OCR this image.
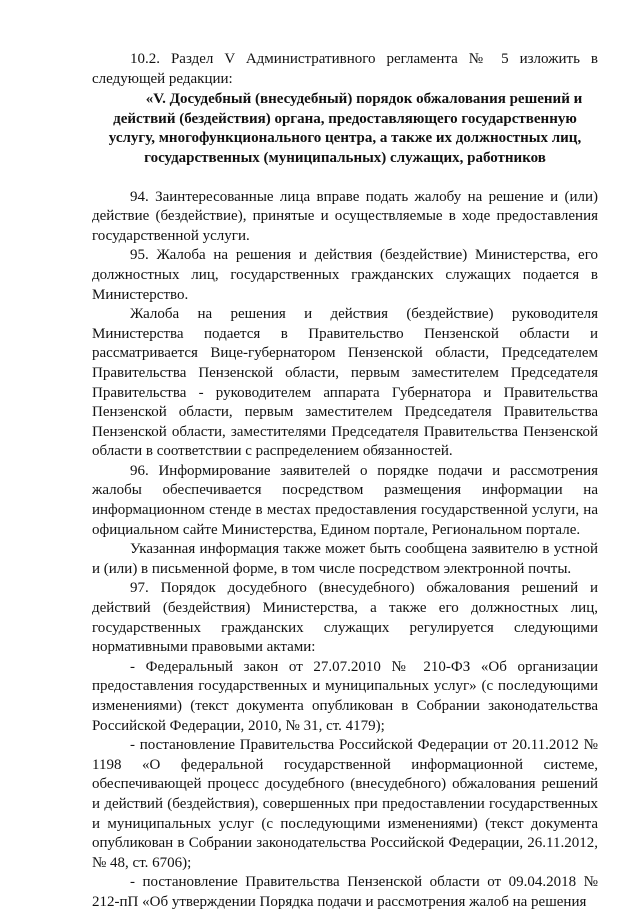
10.2. Раздел V Административного регламента № 5 изложить в следующей редакции:

«V. Досудебный (внесудебный) порядок обжалования решений и действий (бездействия) органа, предоставляющего государственную услугу, многофункционального центра, а также их должностных лиц, государственных (муниципальных) служащих, работников

94. Заинтересованные лица вправе подать жалобу на решение и (или) действие (бездействие), принятые и осуществляемые в ходе предоставления государственной услуги.

95. Жалоба на решения и действия (бездействие) Министерства, его должностных лиц, государственных гражданских служащих подается в Министерство.

Жалоба на решения и действия (бездействие) руководителя Министерства подается в Правительство Пензенской области и рассматривается Вице-губернатором Пензенской области, Председателем Правительства Пензенской области, первым заместителем Председателя Правительства - руководителем аппарата Губернатора и Правительства Пензенской области, первым заместителем Председателя Правительства Пензенской области, заместителями Председателя Правительства Пензенской области в соответствии с распределением обязанностей.

96. Информирование заявителей о порядке подачи и рассмотрения жалобы обеспечивается посредством размещения информации на информационном стенде в местах предоставления государственной услуги, на официальном сайте Министерства, Едином портале, Региональном портале.

Указанная информация также может быть сообщена заявителю в устной и (или) в письменной форме, в том числе посредством электронной почты.

97. Порядок досудебного (внесудебного) обжалования решений и действий (бездействия) Министерства, а также его должностных лиц, государственных гражданских служащих регулируется следующими нормативными правовыми актами:

- Федеральный закон от 27.07.2010 № 210-ФЗ «Об организации предоставления государственных и муниципальных услуг» (с последующими изменениями) (текст документа опубликован в Собрании законодательства Российской Федерации, 2010, № 31, ст. 4179);

- постановление Правительства Российской Федерации от 20.11.2012 № 1198 «О федеральной государственной информационной системе, обеспечивающей процесс досудебного (внесудебного) обжалования решений и действий (бездействия), совершенных при предоставлении государственных и муниципальных услуг (с последующими изменениями) (текст документа опубликован в Собрании законодательства Российской Федерации, 26.11.2012, № 48, ст. 6706);

- постановление Правительства Пензенской области от 09.04.2018 № 212-пП «Об утверждении Порядка подачи и рассмотрения жалоб на решения
